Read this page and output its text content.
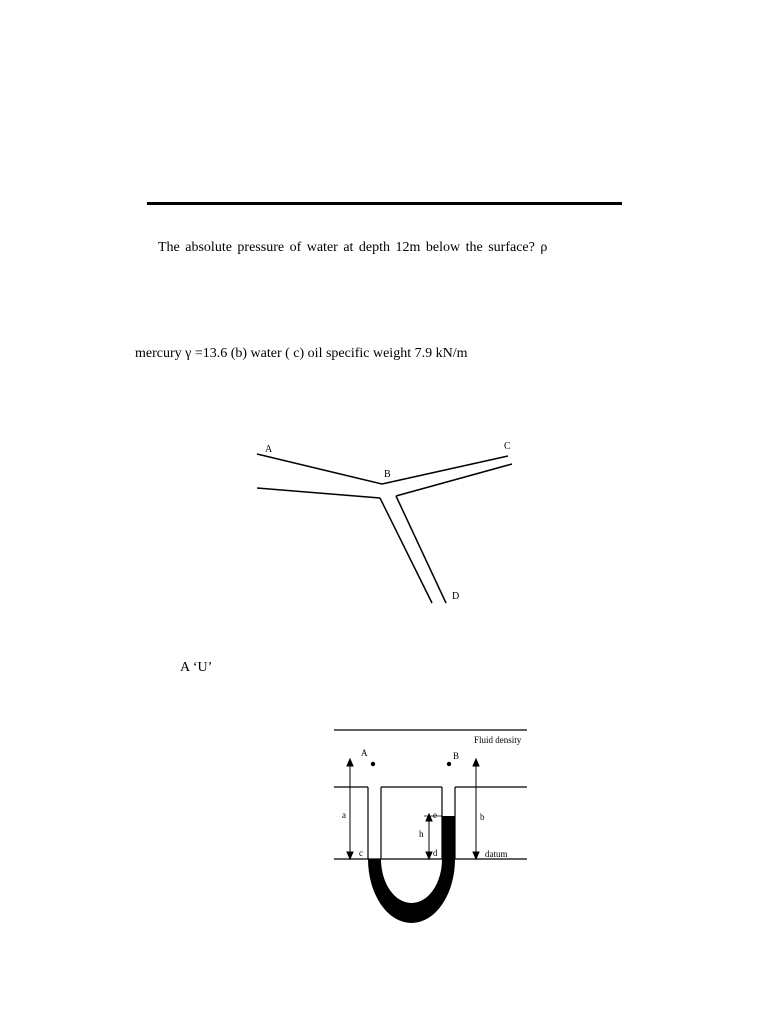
The absolute pressure of water at depth 12m below the surface? ρ
mercury γ =13.6 (b) water ( c) oil specific weight 7.9 kN/m
A ‘U’
A
B
C
D
Fluid density
A	B
a	b
h
c	d
e
datum
